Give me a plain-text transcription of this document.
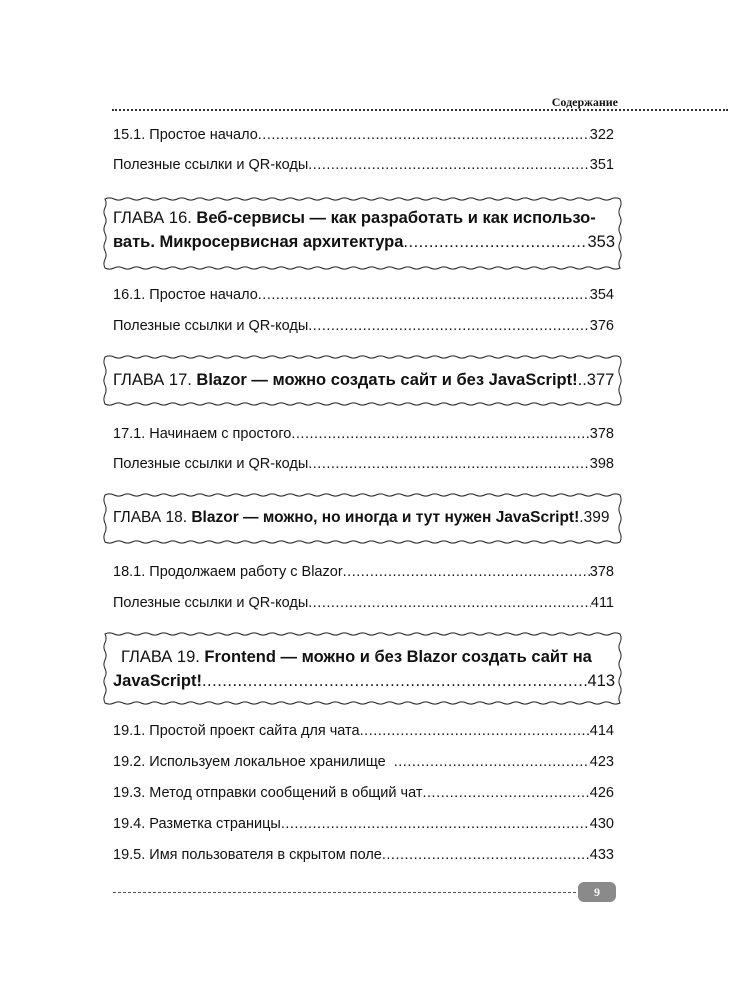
Содержание
15.1. Простое начало .....	322
Полезные ссылки и QR-коды .....	351
ГЛАВА 16. Веб-сервисы — как разработать и как использо-
вать. Микросервисная архитектура .....	353
16.1. Простое начало .....	354
Полезные ссылки и QR-коды .....	376
ГЛАВА 17. Blazor — можно создать сайт и без JavaScript! .. 377
17.1. Начинаем с простого .....	378
Полезные ссылки и QR-коды .....	398
ГЛАВА 18. Blazor — можно, но иногда и тут нужен JavaScript! . 399
18.1. Продолжаем работу с Blazor .....	378
Полезные ссылки и QR-коды .....	411
ГЛАВА 19. Frontend — можно и без Blazor создать сайт на
JavaScript! .....	413
19.1. Простой проект сайта для чата .....	414
19.2. Используем локальное хранилище .....	423
19.3. Метод отправки сообщений в общий чат .....	426
19.4. Разметка страницы .....	430
19.5. Имя пользователя в скрытом поле .....	433
9
